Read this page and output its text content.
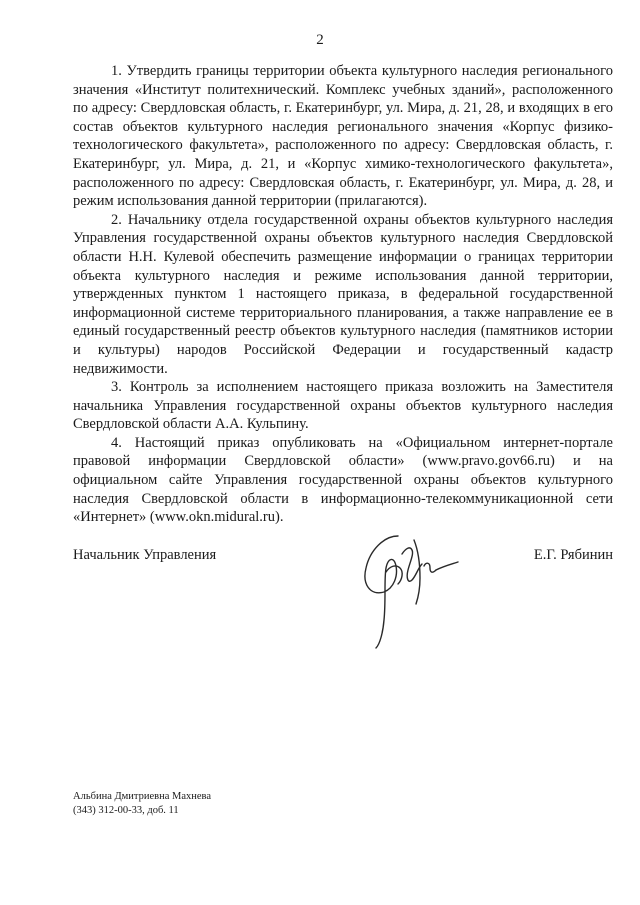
2

1. Утвердить границы территории объекта культурного наследия регионального значения «Институт политехнический. Комплекс учебных зданий», расположенного по адресу: Свердловская область, г. Екатеринбург, ул. Мира, д. 21, 28, и входящих в его состав объектов культурного наследия регионального значения «Корпус физико-технологического факультета», расположенного по адресу: Свердловская область, г. Екатеринбург, ул. Мира, д. 21, и «Корпус химико-технологического факультета», расположенного по адресу: Свердловская область, г. Екатеринбург, ул. Мира, д. 28, и режим использования данной территории (прилагаются).

2. Начальнику отдела государственной охраны объектов культурного наследия Управления государственной охраны объектов культурного наследия Свердловской области Н.Н. Кулевой обеспечить размещение информации о границах территории объекта культурного наследия и режиме использования данной территории, утвержденных пунктом 1 настоящего приказа, в федеральной государственной информационной системе территориального планирования, а также направление ее в единый государственный реестр объектов культурного наследия (памятников истории и культуры) народов Российской Федерации и государственный кадастр недвижимости.

3. Контроль за исполнением настоящего приказа возложить на Заместителя начальника Управления государственной охраны объектов культурного наследия Свердловской области А.А. Кульпину.

4. Настоящий приказ опубликовать на «Официальном интернет-портале правовой информации Свердловской области» (www.pravo.gov66.ru) и на официальном сайте Управления государственной охраны объектов культурного наследия Свердловской области в информационно-телекоммуникационной сети «Интернет» (www.okn.midural.ru).

Начальник Управления	Е.Г. Рябинин
Альбина Дмитриевна Махнева
(343) 312-00-33, доб. 11
